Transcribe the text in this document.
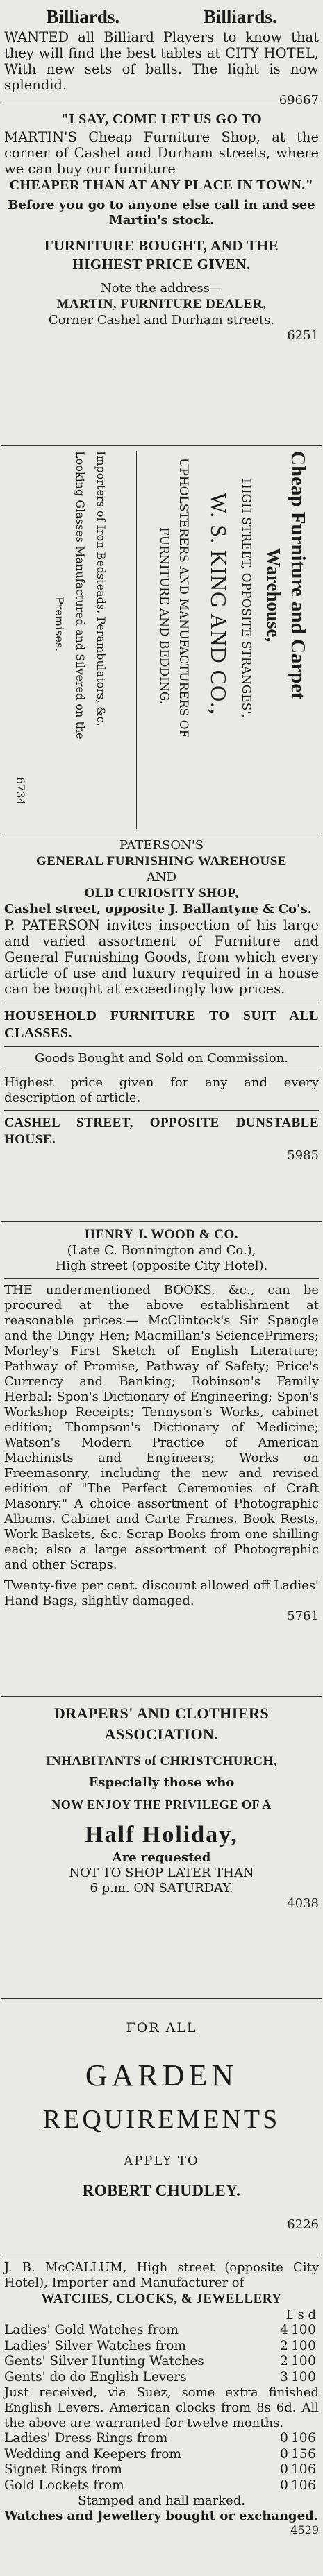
Billiards.	Billiards.

WANTED all Billiard Players to know that they will find the best tables at CITY HOTEL, With new sets of balls. The light is now splendid.

69667

"I SAY, COME LET US GO TO

MARTIN'S Cheap Furniture Shop, at the corner of Cashel and Durham streets, where we can buy our furniture

CHEAPER THAN AT ANY PLACE IN TOWN."

Before you go to anyone else call in and see Martin's stock.

FURNITURE BOUGHT, AND THE

HIGHEST PRICE GIVEN.

Note the address—

MARTIN, FURNITURE DEALER,

Corner Cashel and Durham streets.

6251
Cheap Furniture and Carpet
Warehouse,
HIGH STREET, OPPOSITE STRANGES',
W. S. KING AND CO.,
UPHOLSTERERS AND MANUFACTURERS OF
FURNITURE AND BEDDING.
Importers of Iron Bedsteads, Perambulators, &c.
Looking Glasses Manufactured and Silvered on the
Premises.
6734

PATERSON'S

GENERAL FURNISHING WAREHOUSE

AND

OLD CURIOSITY SHOP,

Cashel street, opposite J. Ballantyne & Co's.

P. PATERSON invites inspection of his large and varied assortment of Furniture and General Furnishing Goods, from which every article of use and luxury required in a house can be bought at exceedingly low prices.

HOUSEHOLD FURNITURE TO SUIT ALL CLASSES.

Goods Bought and Sold on Commission.

Highest price given for any and every description of article.

CASHEL STREET, OPPOSITE DUNSTABLE HOUSE.

5985

HENRY J. WOOD & CO.

(Late C. Bonnington and Co.),

High street (opposite City Hotel).

THE undermentioned BOOKS, &c., can be procured at the above establishment at reasonable prices:— McClintock's Sir Spangle and the Dingy Hen; Macmillan's SciencePrimers; Morley's First Sketch of English Literature; Pathway of Promise, Pathway of Safety; Price's Currency and Banking; Robinson's Family Herbal; Spon's Dictionary of Engineering; Spon's Workshop Receipts; Tennyson's Works, cabinet edition; Thompson's Dictionary of Medicine; Watson's Modern Practice of American Machinists and Engineers; Works on Freemasonry, including the new and revised edition of "The Perfect Ceremonies of Craft Masonry." A choice assortment of Photographic Albums, Cabinet and Carte Frames, Book Rests, Work Baskets, &c. Scrap Books from one shilling each; also a large assortment of Photographic and other Scraps.

Twenty-five per cent. discount allowed off Ladies' Hand Bags, slightly damaged.

5761

DRAPERS' AND CLOTHIERS

ASSOCIATION.

INHABITANTS of CHRISTCHURCH,

Especially those who

NOW ENJOY THE PRIVILEGE OF A

Half Holiday,

Are requested

NOT TO SHOP LATER THAN

6 p.m. ON SATURDAY.

4038

FOR ALL

GARDEN

REQUIREMENTS

APPLY TO

ROBERT CHUDLEY.

6226

J. B. McCALLUM, High street (opposite City Hotel), Importer and Manufacturer of

WATCHES, CLOCKS, & JEWELLERY

£ s d

Ladies' Gold Watches from	4 10 0
Ladies' Silver Watches from	2 10 0
Gents' Silver Hunting Watches	2 10 0
Gents' do do English Levers	3 10 0

Just received, via Suez, some extra finished English Levers. American clocks from 8s 6d. All the above are warranted for twelve months.

Ladies' Dress Rings from	0 10 6
Wedding and Keepers from	0 15 6
Signet Rings from	0 10 6
Gold Lockets from	0 10 6

Stamped and hall marked.

Watches and Jewellery bought or exchanged.

4529
